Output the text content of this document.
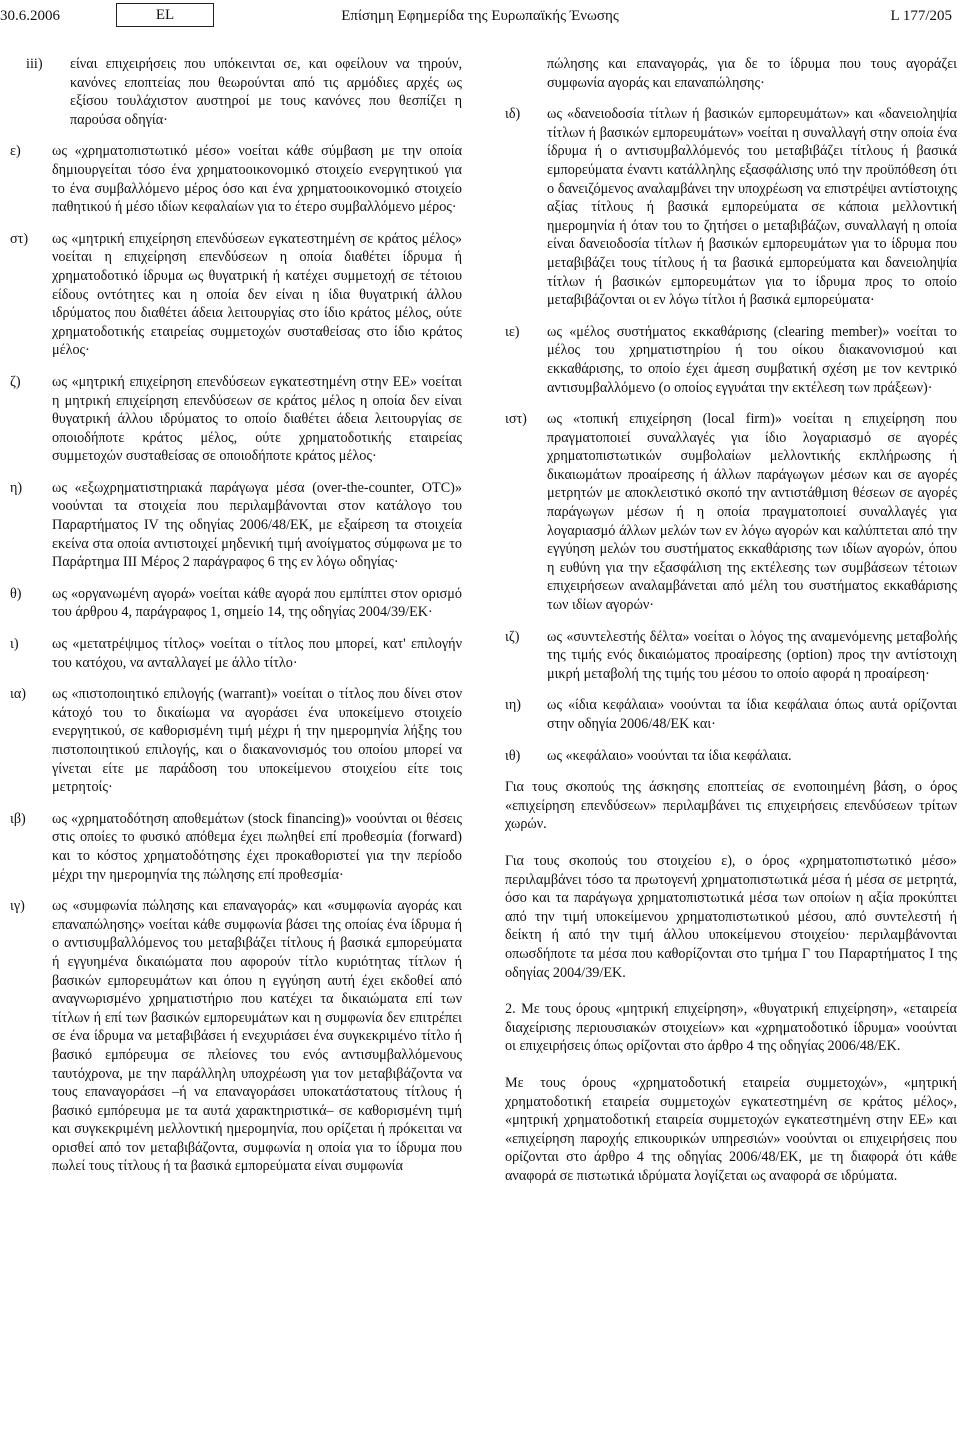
30.6.2006	EL	Επίσημη Εφημερίδα της Ευρωπαϊκής Ένωσης	L 177/205
iii) είναι επιχειρήσεις που υπόκεινται σε, και οφείλουν να τηρούν, κανόνες εποπτείας που θεωρούνται από τις αρμόδιες αρχές ως εξίσου τουλάχιστον αυστηροί με τους κανόνες που θεσπίζει η παρούσα οδηγία·
ε) ως «χρηματοπιστωτικό μέσο» νοείται κάθε σύμβαση με την οποία δημιουργείται τόσο ένα χρηματοοικονομικό στοιχείο ενεργητικού για το ένα συμβαλλόμενο μέρος όσο και ένα χρηματοοικονομικό στοιχείο παθητικού ή μέσο ιδίων κεφαλαίων για το έτερο συμβαλλόμενο μέρος·
στ) ως «μητρική επιχείρηση επενδύσεων εγκατεστημένη σε κράτος μέλος» νοείται η επιχείρηση επενδύσεων η οποία διαθέτει ίδρυμα ή χρηματοδοτικό ίδρυμα ως θυγατρική ή κατέχει συμμετοχή σε τέτοιου είδους οντότητες και η οποία δεν είναι η ίδια θυγατρική άλλου ιδρύματος που διαθέτει άδεια λειτουργίας στο ίδιο κράτος μέλος, ούτε χρηματοδοτικής εταιρείας συμμετοχών συσταθείσας στο ίδιο κράτος μέλος·
ζ) ως «μητρική επιχείρηση επενδύσεων εγκατεστημένη στην ΕΕ» νοείται η μητρική επιχείρηση επενδύσεων σε κράτος μέλος η οποία δεν είναι θυγατρική άλλου ιδρύματος το οποίο διαθέτει άδεια λειτουργίας σε οποιοδήποτε κράτος μέλος, ούτε χρηματοδοτικής εταιρείας συμμετοχών συσταθείσας σε οποιοδήποτε κράτος μέλος·
η) ως «εξωχρηματιστηριακά παράγωγα μέσα (over-the-counter, OTC)» νοούνται τα στοιχεία που περιλαμβάνονται στον κατάλογο του Παραρτήματος IV της οδηγίας 2006/48/ΕΚ, με εξαίρεση τα στοιχεία εκείνα στα οποία αντιστοιχεί μηδενική τιμή ανοίγματος σύμφωνα με το Παράρτημα III Μέρος 2 παράγραφος 6 της εν λόγω οδηγίας·
θ) ως «οργανωμένη αγορά» νοείται κάθε αγορά που εμπίπτει στον ορισμό του άρθρου 4, παράγραφος 1, σημείο 14, της οδηγίας 2004/39/ΕΚ·
ι) ως «μετατρέψιμος τίτλος» νοείται ο τίτλος που μπορεί, κατ' επιλογήν του κατόχου, να ανταλλαγεί με άλλο τίτλο·
ια) ως «πιστοποιητικό επιλογής (warrant)» νοείται ο τίτλος που δίνει στον κάτοχό του το δικαίωμα να αγοράσει ένα υποκείμενο στοιχείο ενεργητικού, σε καθορισμένη τιμή μέχρι ή την ημερομηνία λήξης του πιστοποιητικού επιλογής, και ο διακανονισμός του οποίου μπορεί να γίνεται είτε με παράδοση του υποκείμενου στοιχείου είτε τοις μετρητοίς·
ιβ) ως «χρηματοδότηση αποθεμάτων (stock financing)» νοούνται οι θέσεις στις οποίες το φυσικό απόθεμα έχει πωληθεί επί προθεσμία (forward) και το κόστος χρηματοδότησης έχει προκαθοριστεί για την περίοδο μέχρι την ημερομηνία της πώλησης επί προθεσμία·
ιγ) ως «συμφωνία πώλησης και επαναγοράς» και «συμφωνία αγοράς και επαναπώλησης» νοείται κάθε συμφωνία βάσει της οποίας ένα ίδρυμα ή ο αντισυμβαλλόμενος του μεταβιβάζει τίτλους ή βασικά εμπορεύματα ή εγγυημένα δικαιώματα που αφορούν τίτλο κυριότητας τίτλων ή βασικών εμπορευμάτων και όπου η εγγύηση αυτή έχει εκδοθεί από αναγνωρισμένο χρηματιστήριο που κατέχει τα δικαιώματα επί των τίτλων ή επί των βασικών εμπορευμάτων και η συμφωνία δεν επιτρέπει σε ένα ίδρυμα να μεταβιβάσει ή ενεχυριάσει ένα συγκεκριμένο τίτλο ή βασικό εμπόρευμα σε πλείονες του ενός αντισυμβαλλόμενους ταυτόχρονα, με την παράλληλη υποχρέωση για τον μεταβιβάζοντα να τους επαναγοράσει –ή να επαναγοράσει υποκατάστατους τίτλους ή βασικό εμπόρευμα με τα αυτά χαρακτηριστικά– σε καθορισμένη τιμή και συγκεκριμένη μελλοντική ημερομηνία, που ορίζεται ή πρόκειται να ορισθεί από τον μεταβιβάζοντα, συμφωνία η οποία για το ίδρυμα που πωλεί τους τίτλους ή τα βασικά εμπορεύματα είναι συμφωνία
πώλησης και επαναγοράς, για δε το ίδρυμα που τους αγοράζει συμφωνία αγοράς και επαναπώλησης·
ιδ) ως «δανειοδοσία τίτλων ή βασικών εμπορευμάτων» και «δανειοληψία τίτλων ή βασικών εμπορευμάτων» νοείται η συναλλαγή στην οποία ένα ίδρυμα ή ο αντισυμβαλλόμενός του μεταβιβάζει τίτλους ή βασικά εμπορεύματα έναντι κατάλληλης εξασφάλισης υπό την προϋπόθεση ότι ο δανειζόμενος αναλαμβάνει την υποχρέωση να επιστρέψει αντίστοιχης αξίας τίτλους ή βασικά εμπορεύματα σε κάποια μελλοντική ημερομηνία ή όταν του το ζητήσει ο μεταβιβάζων, συναλλαγή η οποία είναι δανειοδοσία τίτλων ή βασικών εμπορευμάτων για το ίδρυμα που μεταβιβάζει τους τίτλους ή τα βασικά εμπορεύματα και δανειοληψία τίτλων ή βασικών εμπορευμάτων για το ίδρυμα προς το οποίο μεταβιβάζονται οι εν λόγω τίτλοι ή βασικά εμπορεύματα·
ιε) ως «μέλος συστήματος εκκαθάρισης (clearing member)» νοείται το μέλος του χρηματιστηρίου ή του οίκου διακανονισμού και εκκαθάρισης, το οποίο έχει άμεση συμβατική σχέση με τον κεντρικό αντισυμβαλλόμενο (ο οποίος εγγυάται την εκτέλεση των πράξεων)·
ιστ) ως «τοπική επιχείρηση (local firm)» νοείται η επιχείρηση που πραγματοποιεί συναλλαγές για ίδιο λογαριασμό σε αγορές χρηματοπιστωτικών συμβολαίων μελλοντικής εκπλήρωσης ή δικαιωμάτων προαίρεσης ή άλλων παράγωγων μέσων και σε αγορές μετρητών με αποκλειστικό σκοπό την αντιστάθμιση θέσεων σε αγορές παράγωγων μέσων ή η οποία πραγματοποιεί συναλλαγές για λογαριασμό άλλων μελών των εν λόγω αγορών και καλύπτεται από την εγγύηση μελών του συστήματος εκκαθάρισης των ιδίων αγορών, όπου η ευθύνη για την εξασφάλιση της εκτέλεσης των συμβάσεων τέτοιων επιχειρήσεων αναλαμβάνεται από μέλη του συστήματος εκκαθάρισης των ιδίων αγορών·
ιζ) ως «συντελεστής δέλτα» νοείται ο λόγος της αναμενόμενης μεταβολής της τιμής ενός δικαιώματος προαίρεσης (option) προς την αντίστοιχη μικρή μεταβολή της τιμής του μέσου το οποίο αφορά η προαίρεση·
ιη) ως «ίδια κεφάλαια» νοούνται τα ίδια κεφάλαια όπως αυτά ορίζονται στην οδηγία 2006/48/ΕΚ και·
ιθ) ως «κεφάλαιο» νοούνται τα ίδια κεφάλαια.

Για τους σκοπούς της άσκησης εποπτείας σε ενοποιημένη βάση, ο όρος «επιχείρηση επενδύσεων» περιλαμβάνει τις επιχειρήσεις επενδύσεων τρίτων χωρών.

Για τους σκοπούς του στοιχείου ε), ο όρος «χρηματοπιστωτικό μέσο» περιλαμβάνει τόσο τα πρωτογενή χρηματοπιστωτικά μέσα ή μέσα σε μετρητά, όσο και τα παράγωγα χρηματοπιστωτικά μέσα των οποίων η αξία προκύπτει από την τιμή υποκείμενου χρηματοπιστωτικού μέσου, από συντελεστή ή δείκτη ή από την τιμή άλλου υποκείμενου στοιχείου· περιλαμβάνονται οπωσδήποτε τα μέσα που καθορίζονται στο τμήμα Γ του Παραρτήματος I της οδηγίας 2004/39/ΕΚ.

2. Με τους όρους «μητρική επιχείρηση», «θυγατρική επιχείρηση», «εταιρεία διαχείρισης περιουσιακών στοιχείων» και «χρηματοδοτικό ίδρυμα» νοούνται οι επιχειρήσεις όπως ορίζονται στο άρθρο 4 της οδηγίας 2006/48/ΕΚ.

Με τους όρους «χρηματοδοτική εταιρεία συμμετοχών», «μητρική χρηματοδοτική εταιρεία συμμετοχών εγκατεστημένη σε κράτος μέλος», «μητρική χρηματοδοτική εταιρεία συμμετοχών εγκατεστημένη στην ΕΕ» και «επιχείρηση παροχής επικουρικών υπηρεσιών» νοούνται οι επιχειρήσεις που ορίζονται στο άρθρο 4 της οδηγίας 2006/48/ΕΚ, με τη διαφορά ότι κάθε αναφορά σε πιστωτικά ιδρύματα λογίζεται ως αναφορά σε ιδρύματα.
